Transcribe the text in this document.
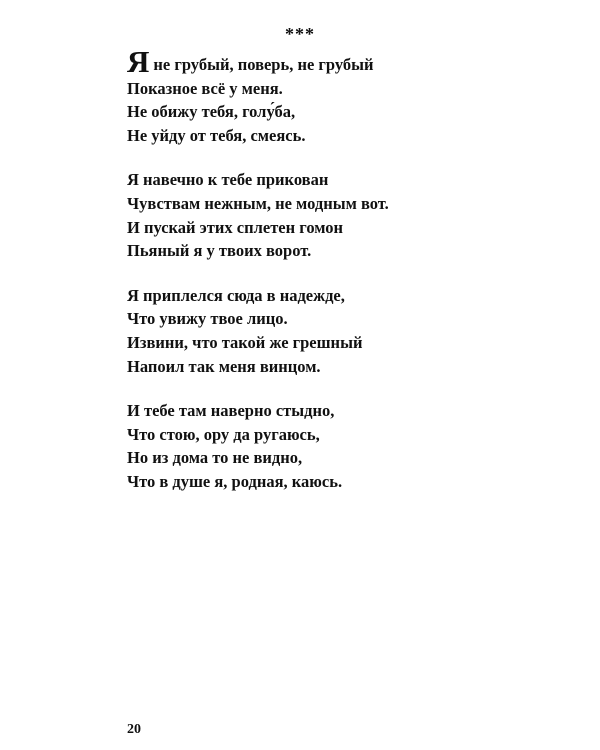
***
Яне грубый, поверь, не грубый
Показное всё у меня.
Не обижу тебя, голу́ба,
Не уйду от тебя, смеясь.
Я навечно к тебе прикован
Чувствам нежным, не модным вот.
И пускай этих сплетен гомон
Пьяный я у твоих ворот.
Я приплелся сюда в надежде,
Что увижу твое лицо.
Извини, что такой же грешный
Напоил так меня винцом.
И тебе там наверно стыдно,
Что стою, ору да ругаюсь,
Но из дома то не видно,
Что в душе я, родная, каюсь.
20
